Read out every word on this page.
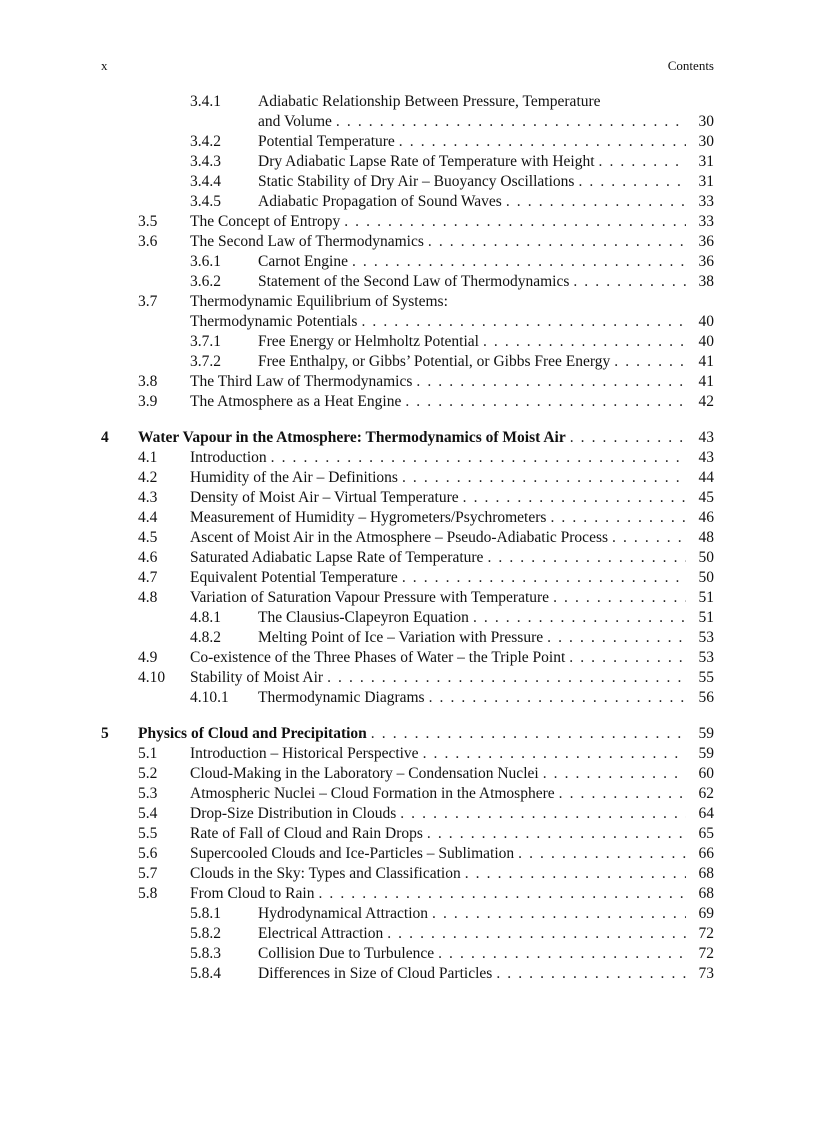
x	Contents
3.4.1 Adiabatic Relationship Between Pressure, Temperature
and Volume . . .	30
3.4.2 Potential Temperature . . .	30
3.4.3 Dry Adiabatic Lapse Rate of Temperature with Height . . .	31
3.4.4 Static Stability of Dry Air – Buoyancy Oscillations . . .	31
3.4.5 Adiabatic Propagation of Sound Waves . . .	33
3.5 The Concept of Entropy . . .	33
3.6 The Second Law of Thermodynamics . . .	36
3.6.1 Carnot Engine . . .	36
3.6.2 Statement of the Second Law of Thermodynamics . . .	38
3.7 Thermodynamic Equilibrium of Systems:
Thermodynamic Potentials . . .	40
3.7.1 Free Energy or Helmholtz Potential . . .	40
3.7.2 Free Enthalpy, or Gibbs’ Potential, or Gibbs Free Energy . . .	41
3.8 The Third Law of Thermodynamics . . .	41
3.9 The Atmosphere as a Heat Engine . . .	42
4 Water Vapour in the Atmosphere: Thermodynamics of Moist Air . . .	43
4.1 Introduction . . .	43
4.2 Humidity of the Air – Definitions . . .	44
4.3 Density of Moist Air – Virtual Temperature . . .	45
4.4 Measurement of Humidity – Hygrometers/Psychrometers . . .	46
4.5 Ascent of Moist Air in the Atmosphere – Pseudo-Adiabatic Process . . .	48
4.6 Saturated Adiabatic Lapse Rate of Temperature . . .	50
4.7 Equivalent Potential Temperature . . .	50
4.8 Variation of Saturation Vapour Pressure with Temperature . . .	51
4.8.1 The Clausius-Clapeyron Equation . . .	51
4.8.2 Melting Point of Ice – Variation with Pressure . . .	53
4.9 Co-existence of the Three Phases of Water – the Triple Point . . .	53
4.10 Stability of Moist Air . . .	55
4.10.1 Thermodynamic Diagrams . . .	56
5 Physics of Cloud and Precipitation . . .	59
5.1 Introduction – Historical Perspective . . .	59
5.2 Cloud-Making in the Laboratory – Condensation Nuclei . . .	60
5.3 Atmospheric Nuclei – Cloud Formation in the Atmosphere . . .	62
5.4 Drop-Size Distribution in Clouds . . .	64
5.5 Rate of Fall of Cloud and Rain Drops . . .	65
5.6 Supercooled Clouds and Ice-Particles – Sublimation . . .	66
5.7 Clouds in the Sky: Types and Classification . . .	68
5.8 From Cloud to Rain . . .	68
5.8.1 Hydrodynamical Attraction . . .	69
5.8.2 Electrical Attraction . . .	72
5.8.3 Collision Due to Turbulence . . .	72
5.8.4 Differences in Size of Cloud Particles . . .	73
